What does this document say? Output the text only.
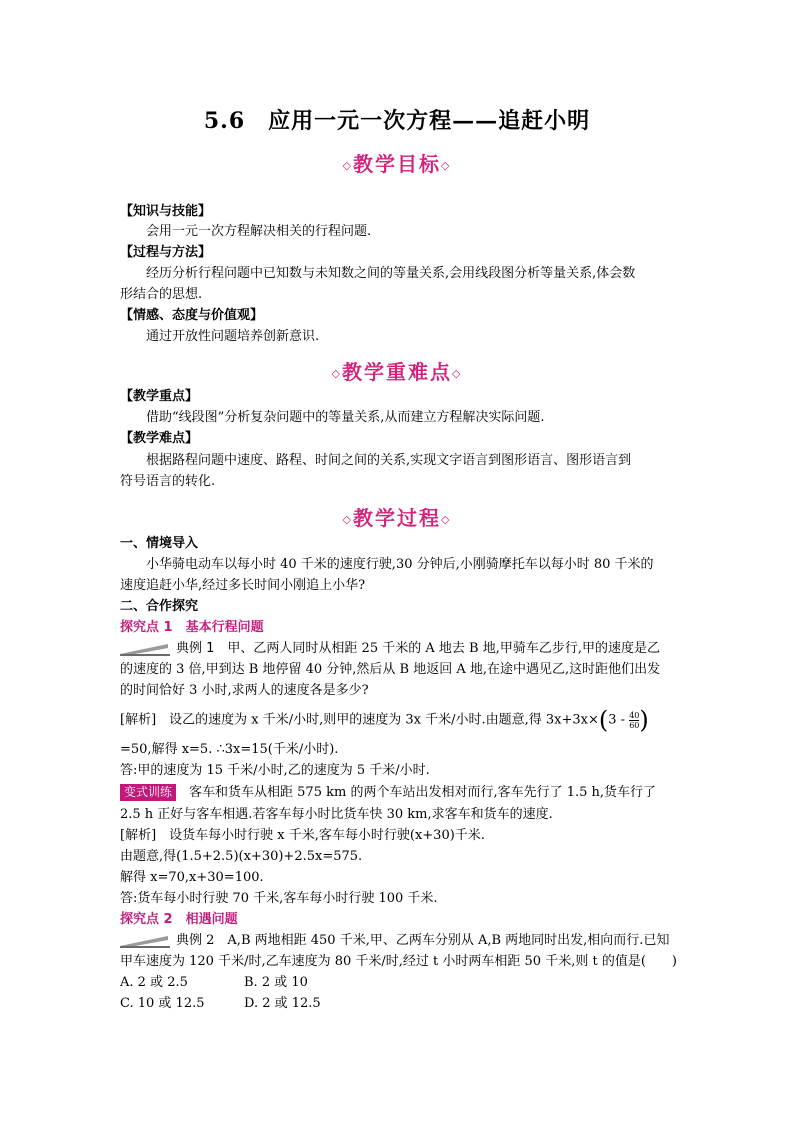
5.6　应用一元一次方程——追赶小明
◇教学目标◇
【知识与技能】
会用一元一次方程解决相关的行程问题.
【过程与方法】
经历分析行程问题中已知数与未知数之间的等量关系,会用线段图分析等量关系,体会数
形结合的思想.
【情感、态度与价值观】
通过开放性问题培养创新意识.
◇教学重难点◇
【教学重点】
借助“线段图”分析复杂问题中的等量关系,从而建立方程解决实际问题.
【教学难点】
根据路程问题中速度、路程、时间之间的关系,实现文字语言到图形语言、图形语言到
符号语言的转化.
◇教学过程◇
一、情境导入
小华骑电动车以每小时 40 千米的速度行驶,30 分钟后,小刚骑摩托车以每小时 80 千米的
速度追赶小华,经过多长时间小刚追上小华?
二、合作探究
探究点 1　基本行程问题
典例 1　 甲、乙两人同时从相距 25 千米的 A 地去 B 地,甲骑车乙步行,甲的速度是乙
的速度的 3 倍,甲到达 B 地停留 40 分钟,然后从 B 地返回 A 地,在途中遇见乙,这时距他们出发
的时间恰好 3 小时,求两人的速度各是多少?
[解析]　设乙的速度为 x 千米/小时,则甲的速度为 3x 千米/小时.由题意,得 $3x+3x\times(3 - \frac{40}{60}$ )
=50,解得 x=5. ∴3x=15(千米/小时).
答:甲的速度为 15 千米/小时,乙的速度为 5 千米/小时.
变式训练　 客车和货车从相距 575 km 的两个车站出发相对而行,客车先行了 1.5 h,货车行了
2.5 h 正好与客车相遇.若客车每小时比货车快 30 km,求客车和货车的速度.
[解析]　设货车每小时行驶 x 千米,客车每小时行驶(x+30)千米.
由题意,得(1.5+2.5)(x+30)+2.5x=575.
解得 x=70,x+30=100.
答:货车每小时行驶 70 千米,客车每小时行驶 100 千米.
探究点 2　相遇问题
典例 2　 A,B 两地相距 450 千米,甲、乙两车分别从 A,B 两地同时出发,相向而行.已知
甲车速度为 120 千米/时,乙车速度为 80 千米/时,经过 t 小时两车相距 50 千米,则 t 的值是(　　)
A. 2 或 2.5	B. 2 或 10
C. 10 或 12.5	D. 2 或 12.5
